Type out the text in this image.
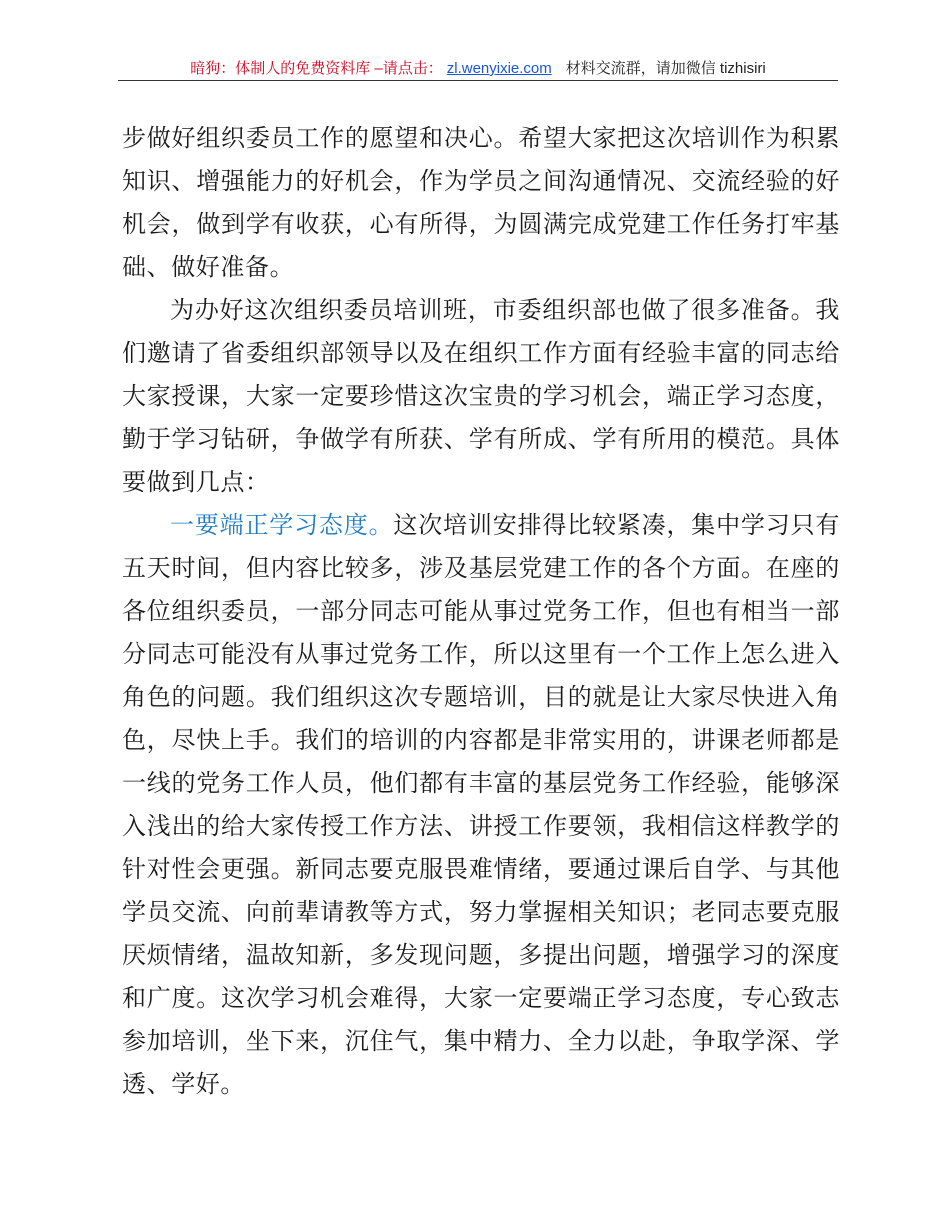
暗狗：体制人的免费资料库 –请点击： zl.wenyixie.com 材料交流群，请加微信 tizhisiri

步做好组织委员工作的愿望和决心。希望大家把这次培训作为积累知识、增强能力的好机会，作为学员之间沟通情况、交流经验的好机会，做到学有收获，心有所得，为圆满完成党建工作任务打牢基础、做好准备。

为办好这次组织委员培训班，市委组织部也做了很多准备。我们邀请了省委组织部领导以及在组织工作方面有经验丰富的同志给大家授课，大家一定要珍惜这次宝贵的学习机会，端正学习态度，勤于学习钻研，争做学有所获、学有所成、学有所用的模范。具体要做到几点：

一要端正学习态度。这次培训安排得比较紧凑，集中学习只有五天时间，但内容比较多，涉及基层党建工作的各个方面。在座的各位组织委员，一部分同志可能从事过党务工作，但也有相当一部分同志可能没有从事过党务工作，所以这里有一个工作上怎么进入角色的问题。我们组织这次专题培训，目的就是让大家尽快进入角色，尽快上手。我们的培训的内容都是非常实用的，讲课老师都是一线的党务工作人员，他们都有丰富的基层党务工作经验，能够深入浅出的给大家传授工作方法、讲授工作要领，我相信这样教学的针对性会更强。新同志要克服畏难情绪，要通过课后自学、与其他学员交流、向前辈请教等方式，努力掌握相关知识；老同志要克服厌烦情绪，温故知新，多发现问题，多提出问题，增强学习的深度和广度。这次学习机会难得，大家一定要端正学习态度，专心致志参加培训，坐下来，沉住气，集中精力、全力以赴，争取学深、学透、学好。
